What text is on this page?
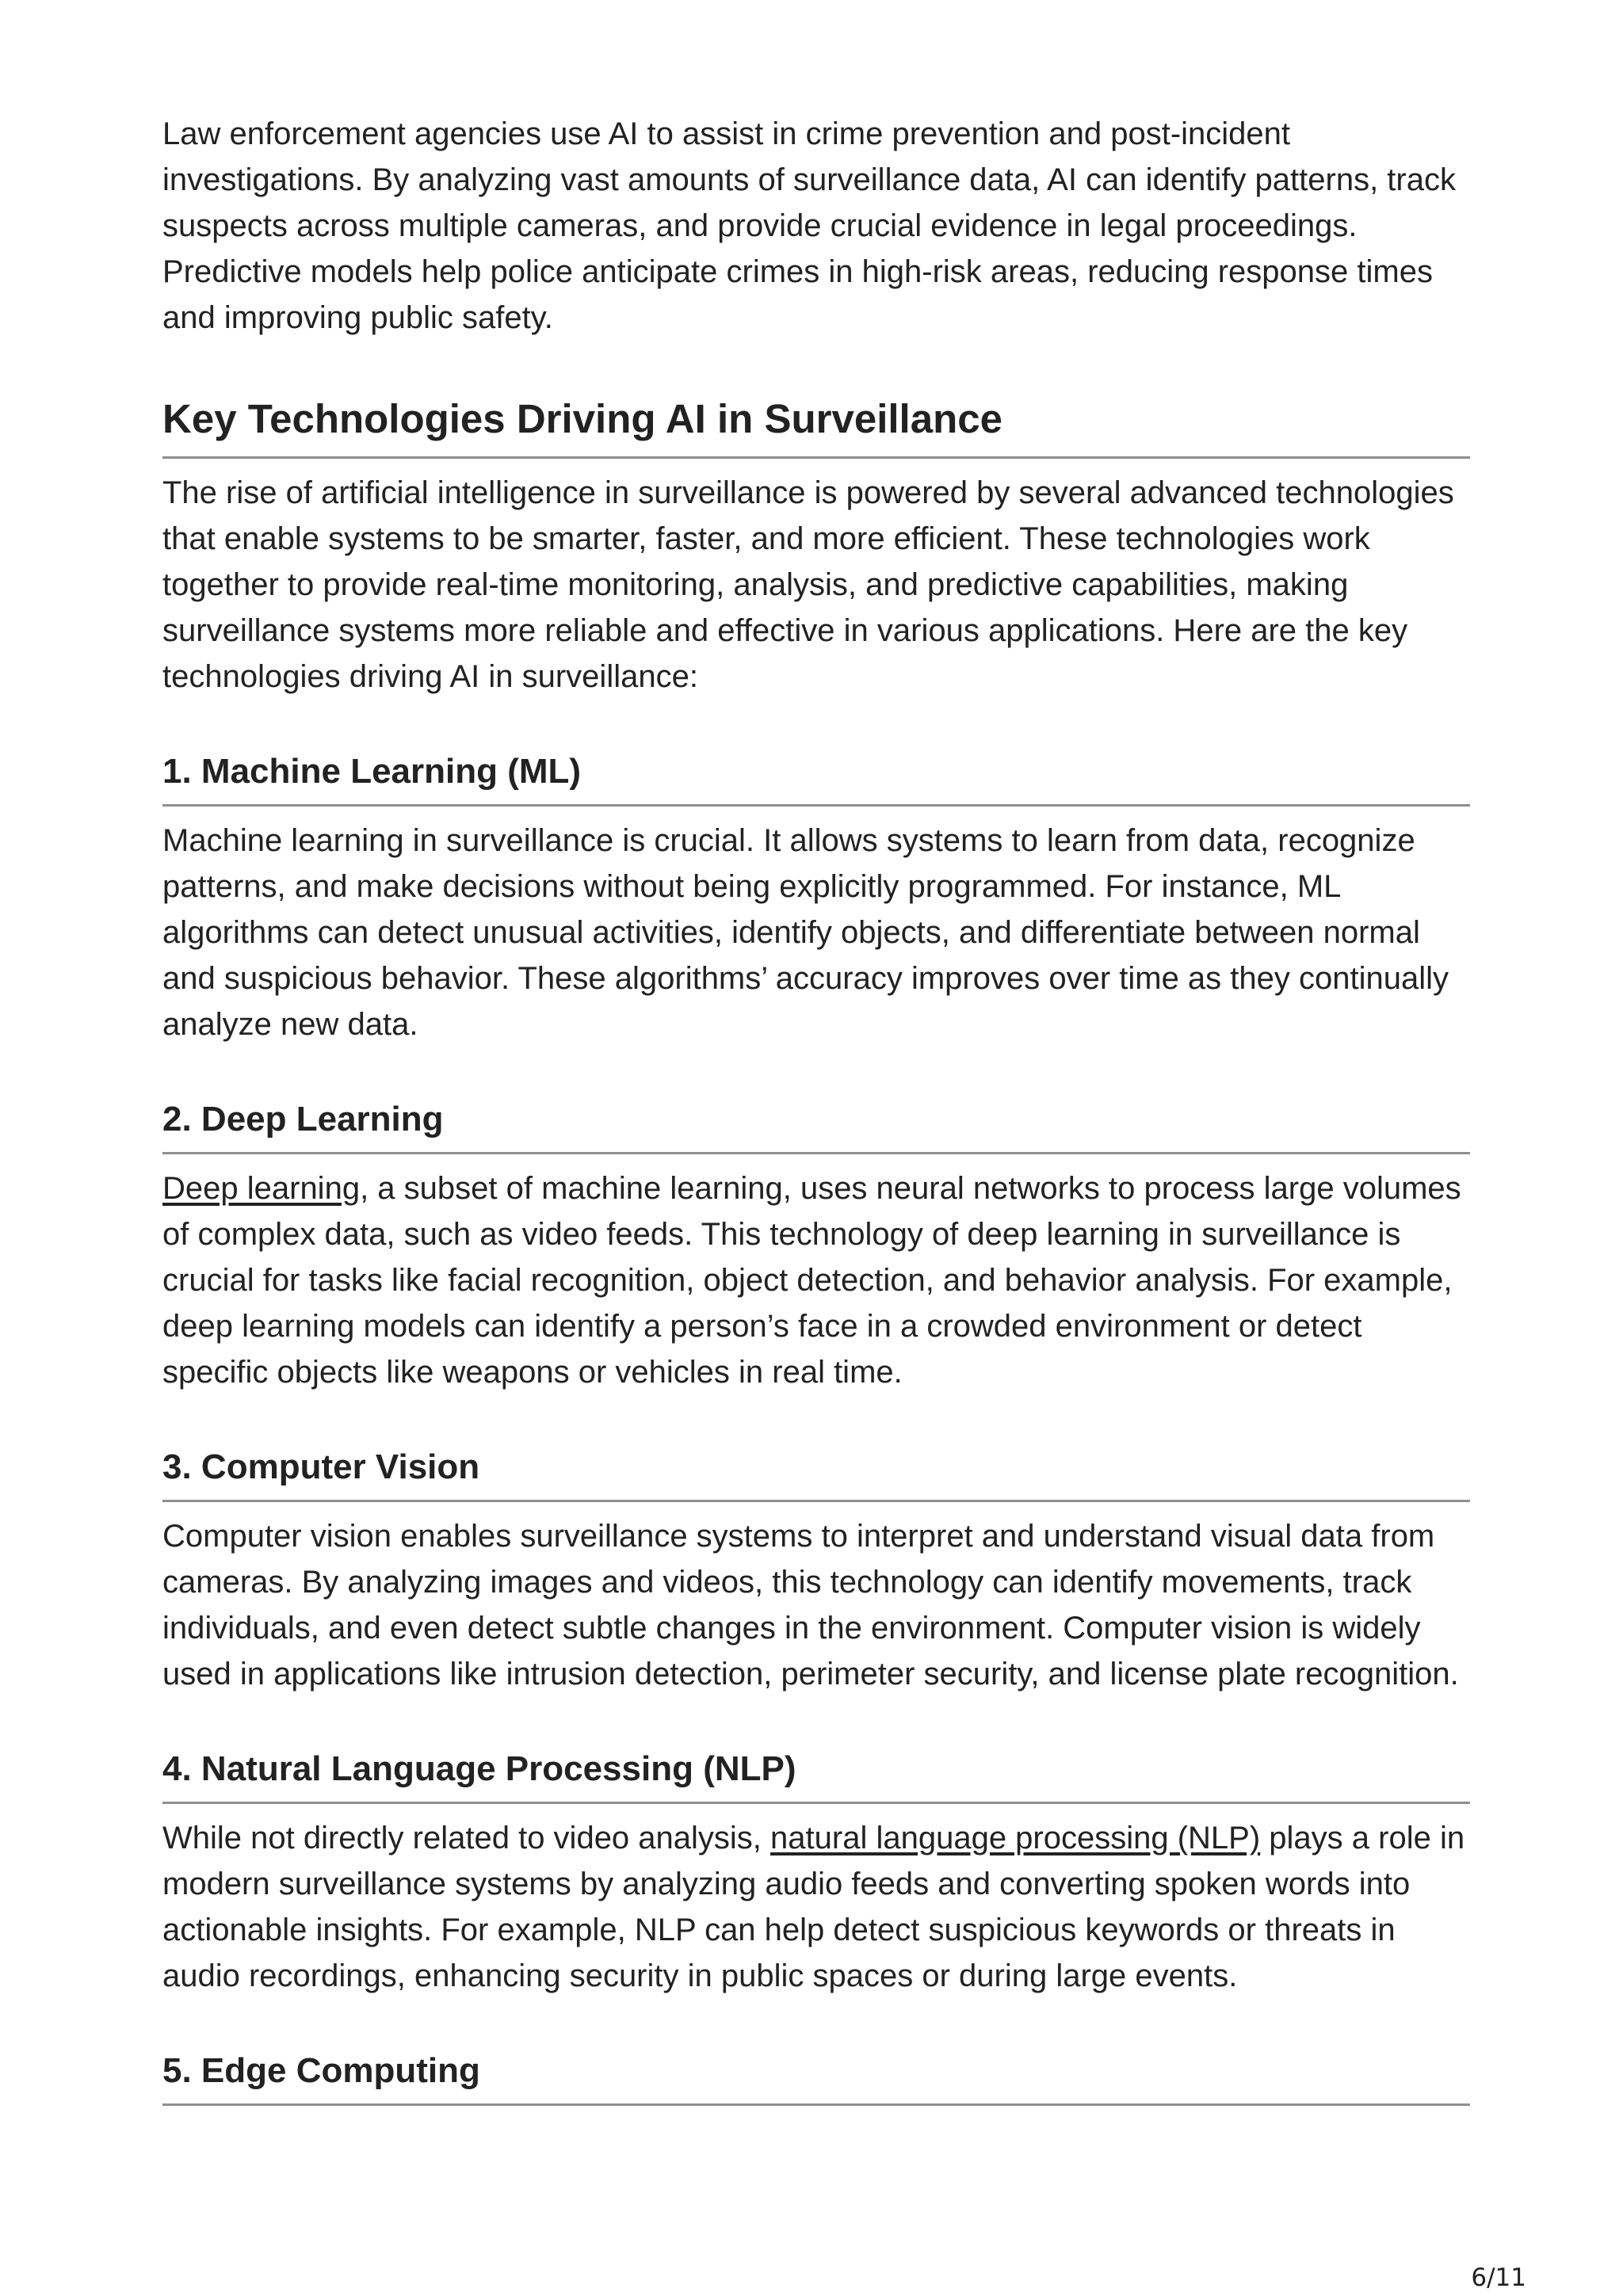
Law enforcement agencies use AI to assist in crime prevention and post-incident investigations. By analyzing vast amounts of surveillance data, AI can identify patterns, track suspects across multiple cameras, and provide crucial evidence in legal proceedings. Predictive models help police anticipate crimes in high-risk areas, reducing response times and improving public safety.

Key Technologies Driving AI in Surveillance

The rise of artificial intelligence in surveillance is powered by several advanced technologies that enable systems to be smarter, faster, and more efficient. These technologies work together to provide real-time monitoring, analysis, and predictive capabilities, making surveillance systems more reliable and effective in various applications. Here are the key technologies driving AI in surveillance:

1. Machine Learning (ML)

Machine learning in surveillance is crucial. It allows systems to learn from data, recognize patterns, and make decisions without being explicitly programmed. For instance, ML algorithms can detect unusual activities, identify objects, and differentiate between normal and suspicious behavior. These algorithms’ accuracy improves over time as they continually analyze new data.

2. Deep Learning

Deep learning, a subset of machine learning, uses neural networks to process large volumes of complex data, such as video feeds. This technology of deep learning in surveillance is crucial for tasks like facial recognition, object detection, and behavior analysis. For example, deep learning models can identify a person’s face in a crowded environment or detect specific objects like weapons or vehicles in real time.

3. Computer Vision

Computer vision enables surveillance systems to interpret and understand visual data from cameras. By analyzing images and videos, this technology can identify movements, track individuals, and even detect subtle changes in the environment. Computer vision is widely used in applications like intrusion detection, perimeter security, and license plate recognition.

4. Natural Language Processing (NLP)

While not directly related to video analysis, natural language processing (NLP) plays a role in modern surveillance systems by analyzing audio feeds and converting spoken words into actionable insights. For example, NLP can help detect suspicious keywords or threats in audio recordings, enhancing security in public spaces or during large events.

5. Edge Computing
6/11
